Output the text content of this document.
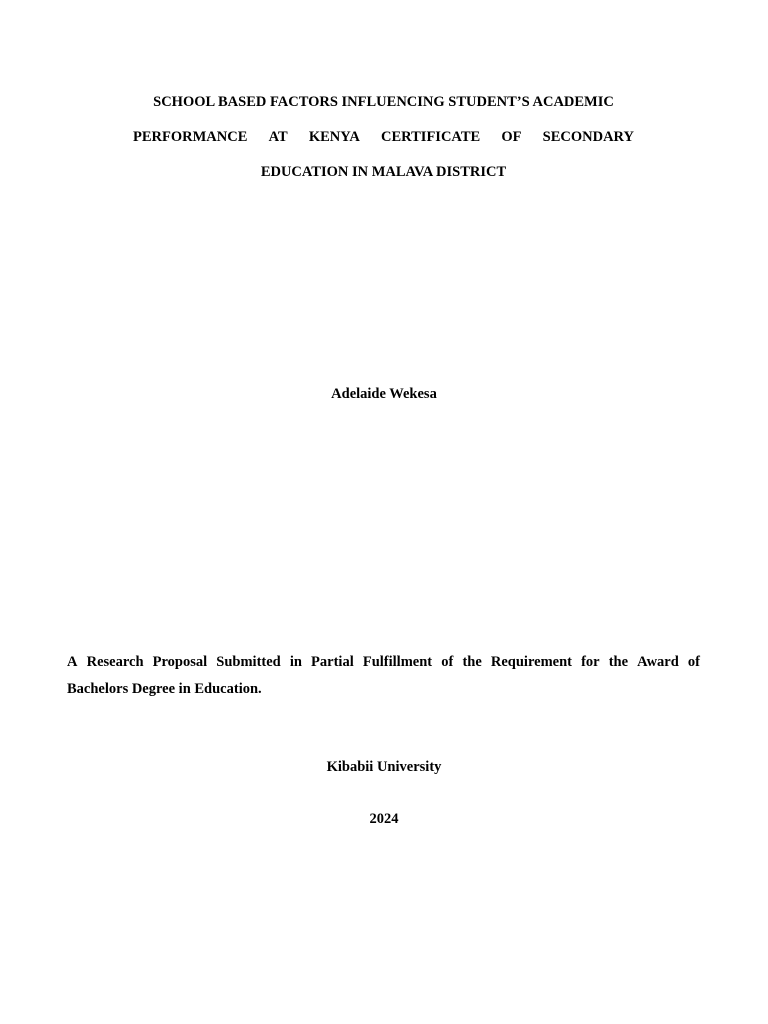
SCHOOL BASED FACTORS INFLUENCING STUDENT’S ACADEMIC
PERFORMANCE AT KENYA CERTIFICATE OF SECONDARY
EDUCATION IN MALAVA DISTRICT
Adelaide Wekesa
A Research Proposal Submitted in Partial Fulfillment of the Requirement for the Award of
Bachelors Degree in Education.
Kibabii University
2024
